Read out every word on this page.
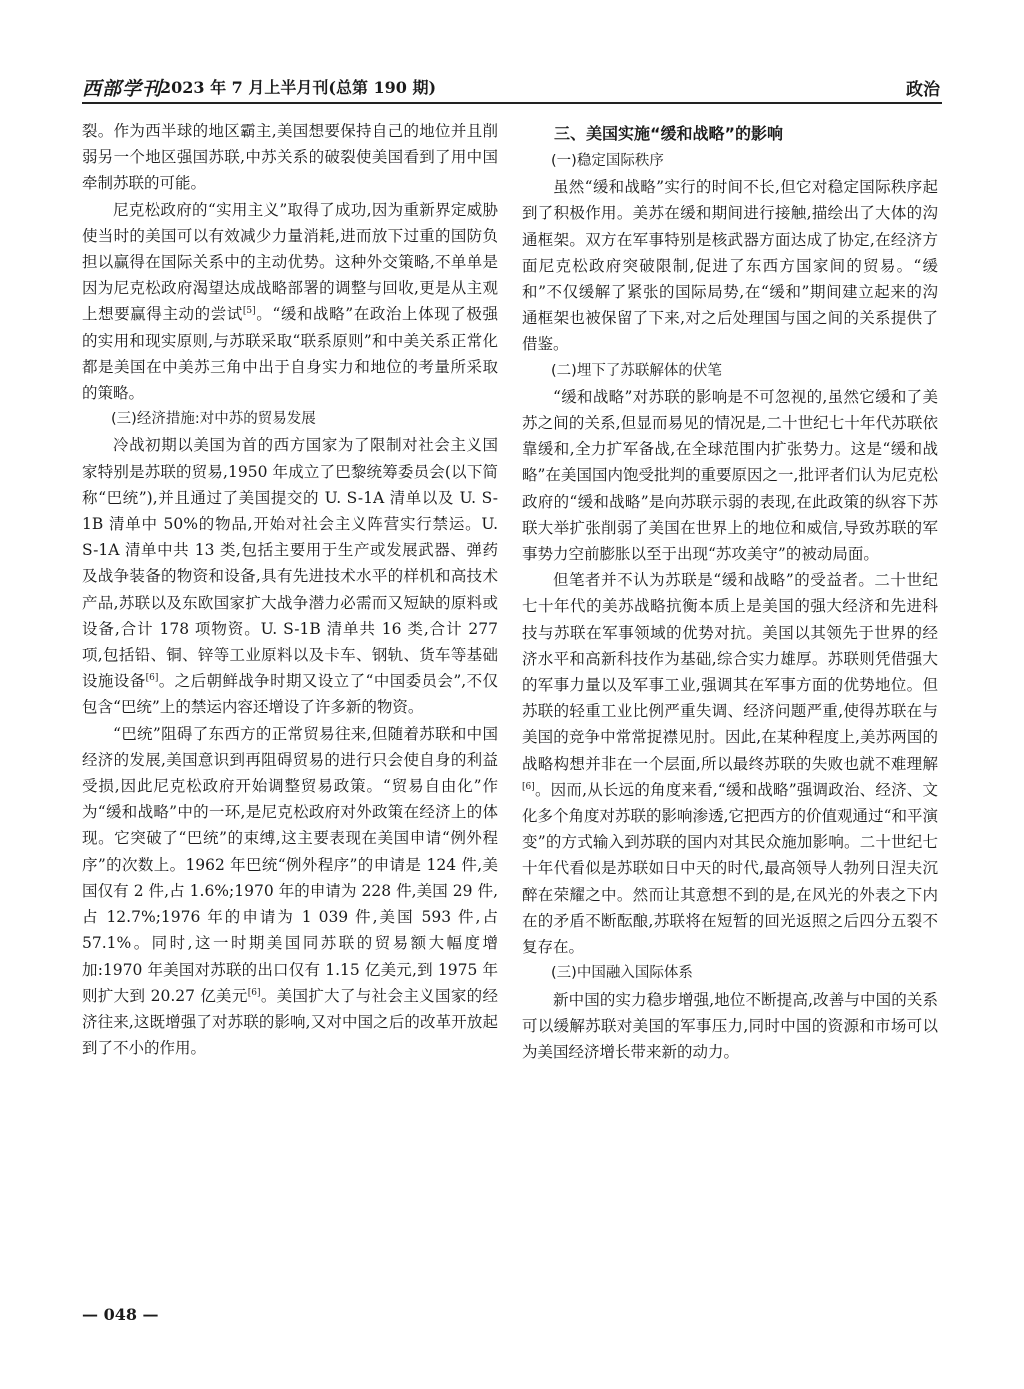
西部学刊
2023 年 7 月上半月刊(总第 190 期)	政治

裂。作为西半球的地区霸主,美国想要保持自己的地位并且削弱另一个地区强国苏联,中苏关系的破裂使美国看到了用中国牵制苏联的可能。

尼克松政府的“实用主义”取得了成功,因为重新界定威胁使当时的美国可以有效减少力量消耗,进而放下过重的国防负担以赢得在国际关系中的主动优势。这种外交策略,不单单是因为尼克松政府渴望达成战略部署的调整与回收,更是从主观上想要赢得主动的尝试[5]。“缓和战略”在政治上体现了极强的实用和现实原则,与苏联采取“联系原则”和中美关系正常化都是美国在中美苏三角中出于自身实力和地位的考量所采取的策略。

(三)经济措施:对中苏的贸易发展

冷战初期以美国为首的西方国家为了限制对社会主义国家特别是苏联的贸易,1950 年成立了巴黎统筹委员会(以下简称“巴统”),并且通过了美国提交的 U. S-1A 清单以及 U. S-1B 清单中 50%的物品,开始对社会主义阵营实行禁运。U. S-1A 清单中共 13 类,包括主要用于生产或发展武器、弹药及战争装备的物资和设备,具有先进技术水平的样机和高技术产品,苏联以及东欧国家扩大战争潜力必需而又短缺的原料或设备,合计 178 项物资。U. S-1B 清单共 16 类,合计 277 项,包括铅、铜、锌等工业原料以及卡车、钢轨、货车等基础设施设备[6]。之后朝鲜战争时期又设立了“中国委员会”,不仅包含“巴统”上的禁运内容还增设了许多新的物资。

“巴统”阻碍了东西方的正常贸易往来,但随着苏联和中国经济的发展,美国意识到再阻碍贸易的进行只会使自身的利益受损,因此尼克松政府开始调整贸易政策。“贸易自由化”作为“缓和战略”中的一环,是尼克松政府对外政策在经济上的体现。它突破了“巴统”的束缚,这主要表现在美国申请“例外程序”的次数上。1962 年巴统“例外程序”的申请是 124 件,美国仅有 2 件,占 1.6%;1970 年的申请为 228 件,美国 29 件,占 12.7%;1976 年的申请为 1 039 件,美国 593 件,占 57.1%。同时,这一时期美国同苏联的贸易额大幅度增加:1970 年美国对苏联的出口仅有 1.15 亿美元,到 1975 年则扩大到 20.27 亿美元[6]。美国扩大了与社会主义国家的经济往来,这既增强了对苏联的影响,又对中国之后的改革开放起到了不小的作用。

三、美国实施“缓和战略”的影响
(一)稳定国际秩序

虽然“缓和战略”实行的时间不长,但它对稳定国际秩序起到了积极作用。美苏在缓和期间进行接触,描绘出了大体的沟通框架。双方在军事特别是核武器方面达成了协定,在经济方面尼克松政府突破限制,促进了东西方国家间的贸易。“缓和”不仅缓解了紧张的国际局势,在“缓和”期间建立起来的沟通框架也被保留了下来,对之后处理国与国之间的关系提供了借鉴。

(二)埋下了苏联解体的伏笔

“缓和战略”对苏联的影响是不可忽视的,虽然它缓和了美苏之间的关系,但显而易见的情况是,二十世纪七十年代苏联依靠缓和,全力扩军备战,在全球范围内扩张势力。这是“缓和战略”在美国国内饱受批判的重要原因之一,批评者们认为尼克松政府的“缓和战略”是向苏联示弱的表现,在此政策的纵容下苏联大举扩张削弱了美国在世界上的地位和威信,导致苏联的军事势力空前膨胀以至于出现“苏攻美守”的被动局面。

但笔者并不认为苏联是“缓和战略”的受益者。二十世纪七十年代的美苏战略抗衡本质上是美国的强大经济和先进科技与苏联在军事领域的优势对抗。美国以其领先于世界的经济水平和高新科技作为基础,综合实力雄厚。苏联则凭借强大的军事力量以及军事工业,强调其在军事方面的优势地位。但苏联的轻重工业比例严重失调、经济问题严重,使得苏联在与美国的竞争中常常捉襟见肘。因此,在某种程度上,美苏两国的战略构想并非在一个层面,所以最终苏联的失败也就不难理解[6]。因而,从长远的角度来看,“缓和战略”强调政治、经济、文化多个角度对苏联的影响渗透,它把西方的价值观通过“和平演变”的方式输入到苏联的国内对其民众施加影响。二十世纪七十年代看似是苏联如日中天的时代,最高领导人勃列日涅夫沉醉在荣耀之中。然而让其意想不到的是,在风光的外表之下内在的矛盾不断酝酿,苏联将在短暂的回光返照之后四分五裂不复存在。

(三)中国融入国际体系

新中国的实力稳步增强,地位不断提高,改善与中国的关系可以缓解苏联对美国的军事压力,同时中国的资源和市场可以为美国经济增长带来新的动力。

— 048 —
